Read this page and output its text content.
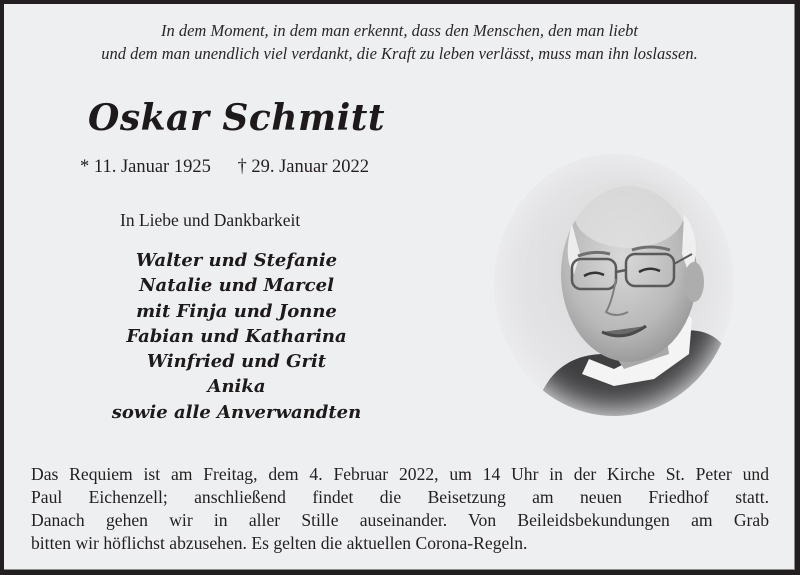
In dem Moment, in dem man erkennt, dass den Menschen, den man liebt
und dem man unendlich viel verdankt, die Kraft zu leben verlässt, muss man ihn loslassen.
Oskar Schmitt
* 11. Januar 1925 † 29. Januar 2022
In Liebe und Dankbarkeit
Walter und Stefanie
Natalie und Marcel
mit Finja und Jonne
Fabian und Katharina
Winfried und Grit
Anika
sowie alle Anverwandten
Das Requiem ist am Freitag, dem 4. Februar 2022, um 14 Uhr in der Kirche St. Peter und
Paul Eichenzell; anschließend findet die Beisetzung am neuen Friedhof statt.
Danach gehen wir in aller Stille auseinander. Von Beileidsbekundungen am Grab
bitten wir höflichst abzusehen. Es gelten die aktuellen Corona-Regeln.
